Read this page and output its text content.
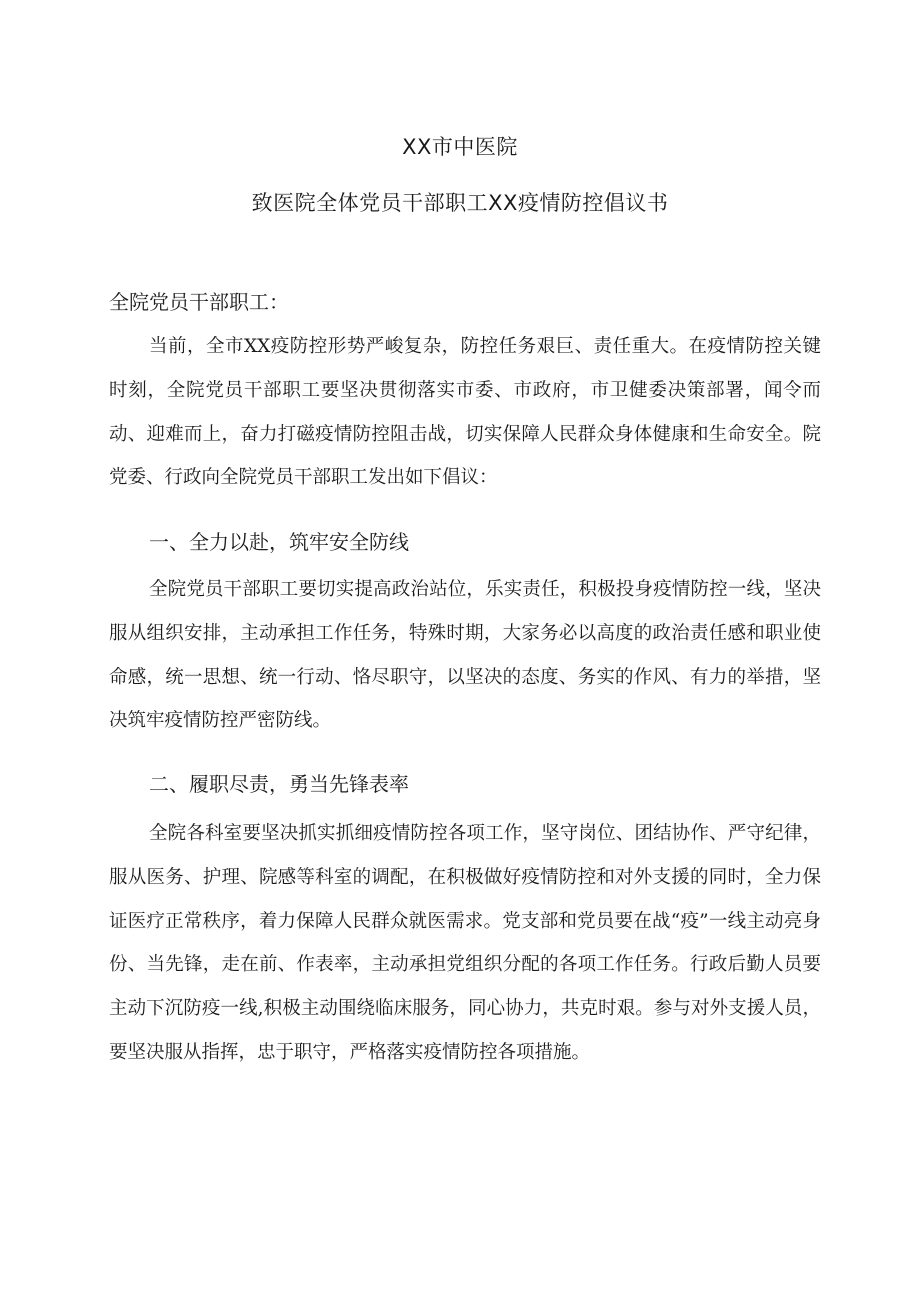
XX市中医院
致医院全体党员干部职工XX疫情防控倡议书

全院党员干部职工：

当前，全市XX疫防控形势严峻复杂，防控任务艰巨、责任重大。在疫情防控关键时刻，全院党员干部职工要坚决贯彻落实市委、市政府，市卫健委决策部署，闻令而动、迎难而上，奋力打磁疫情防控阻击战，切实保障人民群众身体健康和生命安全。院党委、行政向全院党员干部职工发出如下倡议：

一、全力以赴，筑牢安全防线

全院党员干部职工要切实提高政治站位，乐实责任，积极投身疫情防控一线，坚决服从组织安排，主动承担工作任务，特殊时期，大家务必以高度的政治责任感和职业使命感，统一思想、统一行动、恪尽职守，以坚决的态度、务实的作风、有力的举措，坚决筑牢疫情防控严密防线。

二、履职尽责，勇当先锋表率

全院各科室要坚决抓实抓细疫情防控各项工作，坚守岗位、团结协作、严守纪律，服从医务、护理、院感等科室的调配，在积极做好疫情防控和对外支援的同时，全力保证医疗正常秩序，着力保障人民群众就医需求。党支部和党员要在战“疫”一线主动亮身份、当先锋，走在前、作表率，主动承担党组织分配的各项工作任务。行政后勤人员要主动下沉防疫一线,积极主动围绕临床服务，同心协力，共克时艰。参与对外支援人员，要坚决服从指挥，忠于职守，严格落实疫情防控各项措施。
